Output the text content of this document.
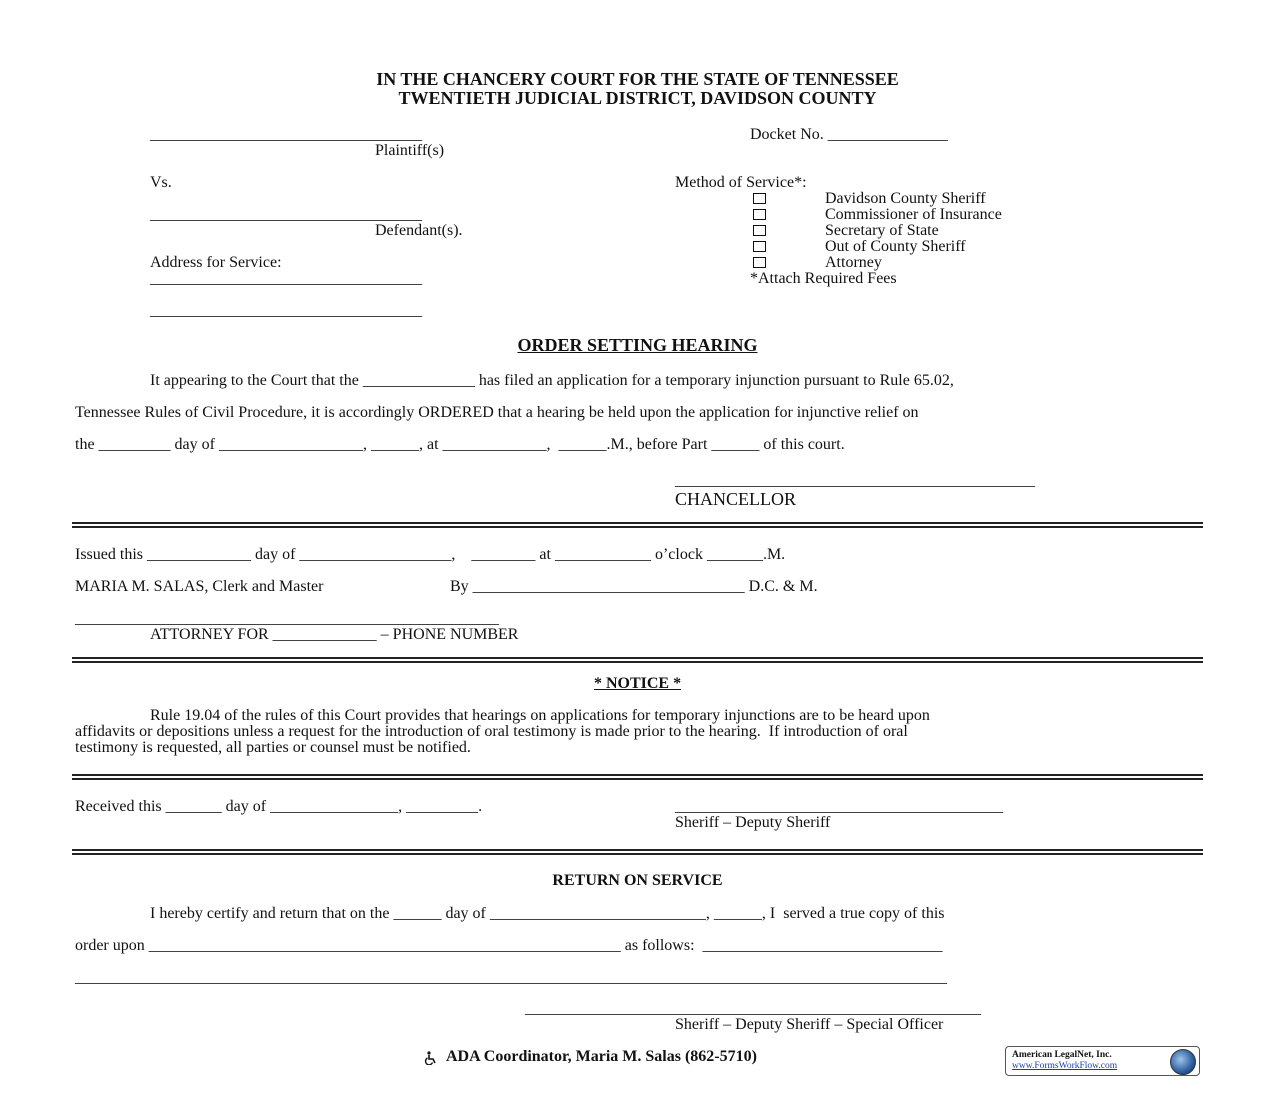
IN THE CHANCERY COURT FOR THE STATE OF TENNESSEE
TWENTIETH JUDICIAL DISTRICT, DAVIDSON COUNTY
__________________________________
Plaintiff(s)
Vs.
__________________________________
Defendant(s).
Address for Service:
__________________________________
__________________________________
Docket No. _______________
Method of Service*:
Davidson County Sheriff
Commissioner of Insurance
Secretary of State
Out of County Sheriff
Attorney
*Attach Required Fees
ORDER SETTING HEARING
It appearing to the Court that the ______________ has filed an application for a temporary injunction pursuant to Rule 65.02,
Tennessee Rules of Civil Procedure, it is accordingly ORDERED that a hearing be held upon the application for injunctive relief on
the _________ day of __________________, ______, at _____________,  ______.M., before Part ______ of this court.
_____________________________________________
CHANCELLOR
Issued this _____________ day of ___________________,    ________ at ____________ o’clock _______.M.
MARIA M. SALAS, Clerk and Master	By __________________________________ D.C. & M.
_____________________________________________________
ATTORNEY FOR _____________ – PHONE NUMBER
* NOTICE *
Rule 19.04 of the rules of this Court provides that hearings on applications for temporary injunctions are to be heard upon
affidavits or depositions unless a request for the introduction of oral testimony is made prior to the hearing.  If introduction of oral
testimony is requested, all parties or counsel must be notified.
Received this _______ day of ________________, _________.	_________________________________________
Sheriff – Deputy Sheriff
RETURN ON SERVICE
I hereby certify and return that on the ______ day of ___________________________, ______, I  served a true copy of this
order upon ___________________________________________________________ as follows:  ______________________________
_____________________________________________________________________________________________________________
_________________________________________________________
Sheriff – Deputy Sheriff – Special Officer
ADA Coordinator, Maria M. Salas (862-5710)	American LegalNet, Inc.
www.FormsWorkFlow.com
